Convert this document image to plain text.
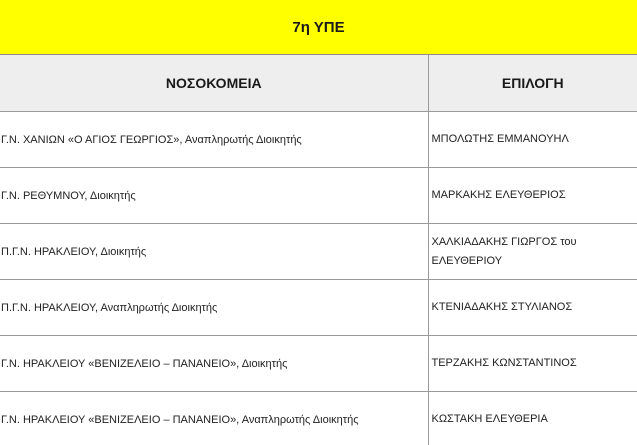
7η ΥΠΕ
ΝΟΣΟΚΟΜΕΙΑ	ΕΠΙΛΟΓΗ
Γ.Ν. ΧΑΝΙΩΝ «Ο ΑΓΙΟΣ ΓΕΩΡΓΙΟΣ», Αναπληρωτής Διοικητής	ΜΠΟΛΩΤΗΣ ΕΜΜΑΝΟΥΗΛ
Γ.Ν. ΡΕΘΥΜΝΟΥ, Διοικητής	ΜΑΡΚΑΚΗΣ ΕΛΕΥΘΕΡΙΟΣ
Π.Γ.Ν. ΗΡΑΚΛΕΙΟΥ, Διοικητής	ΧΑΛΚΙΑΔΑΚΗΣ ΓΙΩΡΓΟΣ του ΕΛΕΥΘΕΡΙΟΥ
Π.Γ.Ν. ΗΡΑΚΛΕΙΟΥ, Αναπληρωτής Διοικητής	ΚΤΕΝΙΑΔΑΚΗΣ ΣΤΥΛΙΑΝΟΣ
Γ.Ν. ΗΡΑΚΛΕΙΟΥ «ΒΕΝΙΖΕΛΕΙΟ – ΠΑΝΑΝΕΙΟ», Διοικητής	ΤΕΡΖΑΚΗΣ ΚΩΝΣΤΑΝΤΙΝΟΣ
Γ.Ν. ΗΡΑΚΛΕΙΟΥ «ΒΕΝΙΖΕΛΕΙΟ – ΠΑΝΑΝΕΙΟ», Αναπληρωτής Διοικητής	ΚΩΣΤΑΚΗ ΕΛΕΥΘΕΡΙΑ
